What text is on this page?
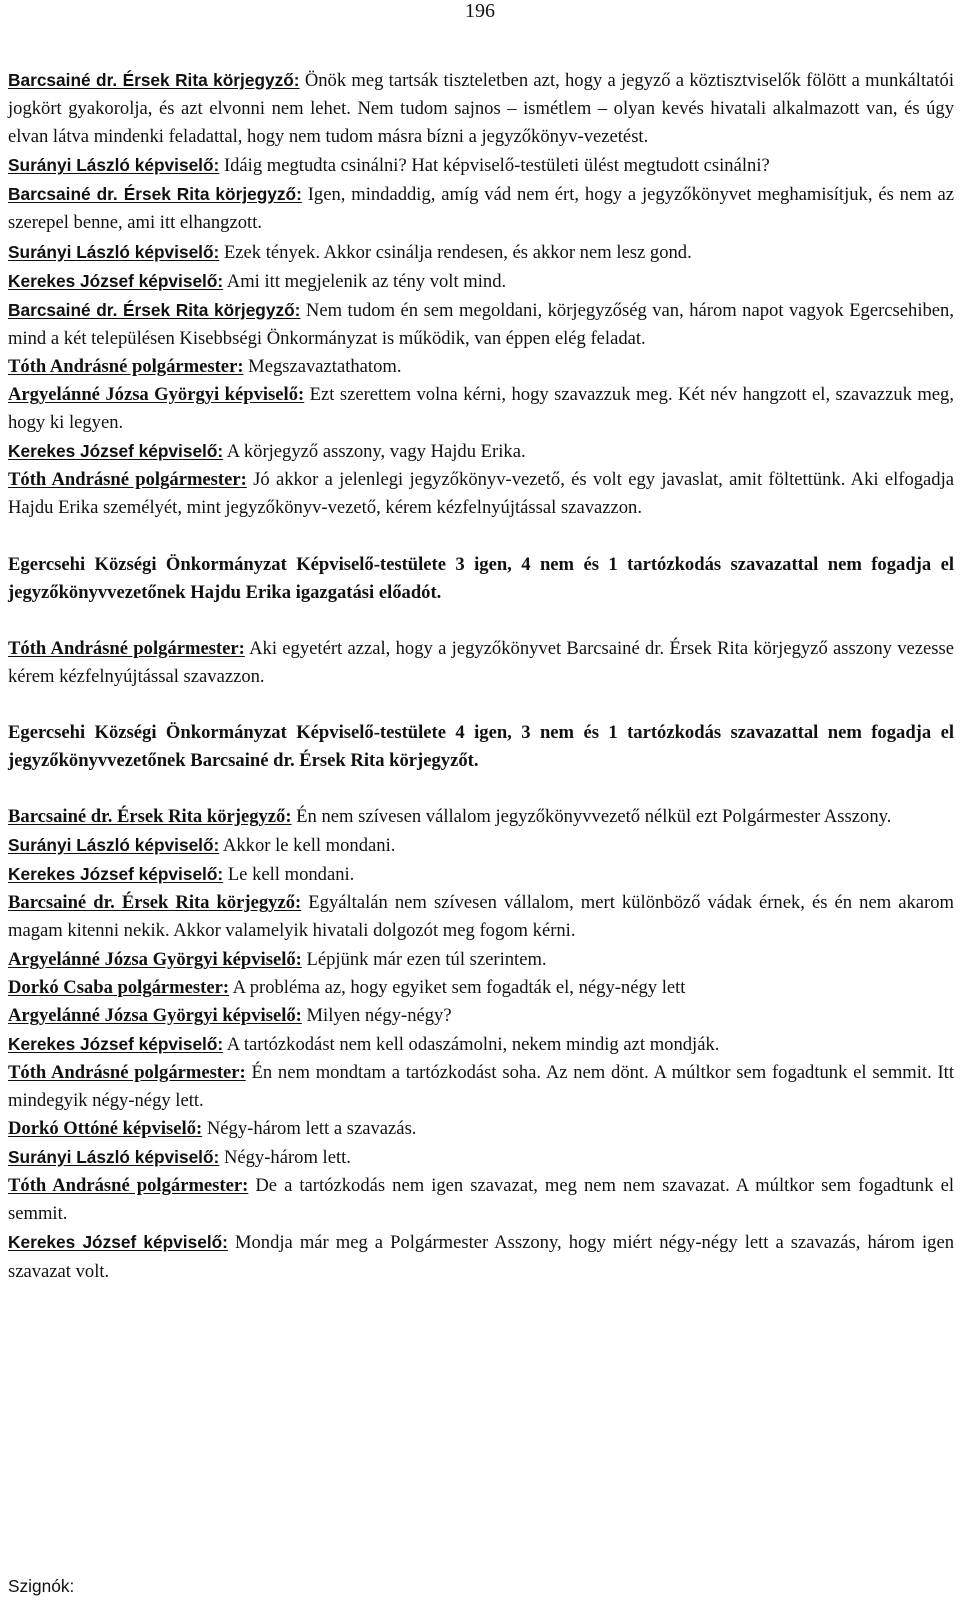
196

Barcsainé dr. Érsek Rita körjegyző: Önök meg tartsák tiszteletben azt, hogy a jegyző a köztisztviselők fölött a munkáltatói jogkört gyakorolja, és azt elvonni nem lehet. Nem tudom sajnos – ismétlem – olyan kevés hivatali alkalmazott van, és úgy elvan látva mindenki feladattal, hogy nem tudom másra bízni a jegyzőkönyv-vezetést.

Surányi László képviselő: Idáig megtudta csinálni? Hat képviselő-testületi ülést megtudott csinálni?

Barcsainé dr. Érsek Rita körjegyző: Igen, mindaddig, amíg vád nem ért, hogy a jegyzőkönyvet meghamisítjuk, és nem az szerepel benne, ami itt elhangzott.

Surányi László képviselő: Ezek tények. Akkor csinálja rendesen, és akkor nem lesz gond.

Kerekes József képviselő: Ami itt megjelenik az tény volt mind.

Barcsainé dr. Érsek Rita körjegyző: Nem tudom én sem megoldani, körjegyzőség van, három napot vagyok Egercsehiben, mind a két településen Kisebbségi Önkormányzat is működik, van éppen elég feladat.

Tóth Andrásné polgármester: Megszavaztathatom.

Argyelánné Józsa Györgyi képviselő: Ezt szerettem volna kérni, hogy szavazzuk meg. Két név hangzott el, szavazzuk meg, hogy ki legyen.

Kerekes József képviselő: A körjegyző asszony, vagy Hajdu Erika.

Tóth Andrásné polgármester: Jó akkor a jelenlegi jegyzőkönyv-vezető, és volt egy javaslat, amit föltettünk. Aki elfogadja Hajdu Erika személyét, mint jegyzőkönyv-vezető, kérem kézfelnyújtással szavazzon.

Egercsehi Községi Önkormányzat Képviselő-testülete 3 igen, 4 nem és 1 tartózkodás szavazattal nem fogadja el jegyzőkönyvvezetőnek Hajdu Erika igazgatási előadót.

Tóth Andrásné polgármester: Aki egyetért azzal, hogy a jegyzőkönyvet Barcsainé dr. Érsek Rita körjegyző asszony vezesse kérem kézfelnyújtással szavazzon.

Egercsehi Községi Önkormányzat Képviselő-testülete 4 igen, 3 nem és 1 tartózkodás szavazattal nem fogadja el jegyzőkönyvvezetőnek Barcsainé dr. Érsek Rita körjegyzőt.

Barcsainé dr. Érsek Rita körjegyző: Én nem szívesen vállalom jegyzőkönyvvezető nélkül ezt Polgármester Asszony.

Surányi László képviselő: Akkor le kell mondani.

Kerekes József képviselő: Le kell mondani.

Barcsainé dr. Érsek Rita körjegyző: Egyáltalán nem szívesen vállalom, mert különböző vádak érnek, és én nem akarom magam kitenni nekik. Akkor valamelyik hivatali dolgozót meg fogom kérni.

Argyelánné Józsa Györgyi képviselő: Lépjünk már ezen túl szerintem.

Dorkó Csaba polgármester: A probléma az, hogy egyiket sem fogadták el, négy-négy lett

Argyelánné Józsa Györgyi képviselő: Milyen négy-négy?

Kerekes József képviselő: A tartózkodást nem kell odaszámolni, nekem mindig azt mondják.

Tóth Andrásné polgármester: Én nem mondtam a tartózkodást soha. Az nem dönt. A múltkor sem fogadtunk el semmit. Itt mindegyik négy-négy lett.

Dorkó Ottóné képviselő: Négy-három lett a szavazás.

Surányi László képviselő: Négy-három lett.

Tóth Andrásné polgármester: De a tartózkodás nem igen szavazat, meg nem nem szavazat. A múltkor sem fogadtunk el semmit.

Kerekes József képviselő: Mondja már meg a Polgármester Asszony, hogy miért négy-négy lett a szavazás, három igen szavazat volt.

Szignók:
